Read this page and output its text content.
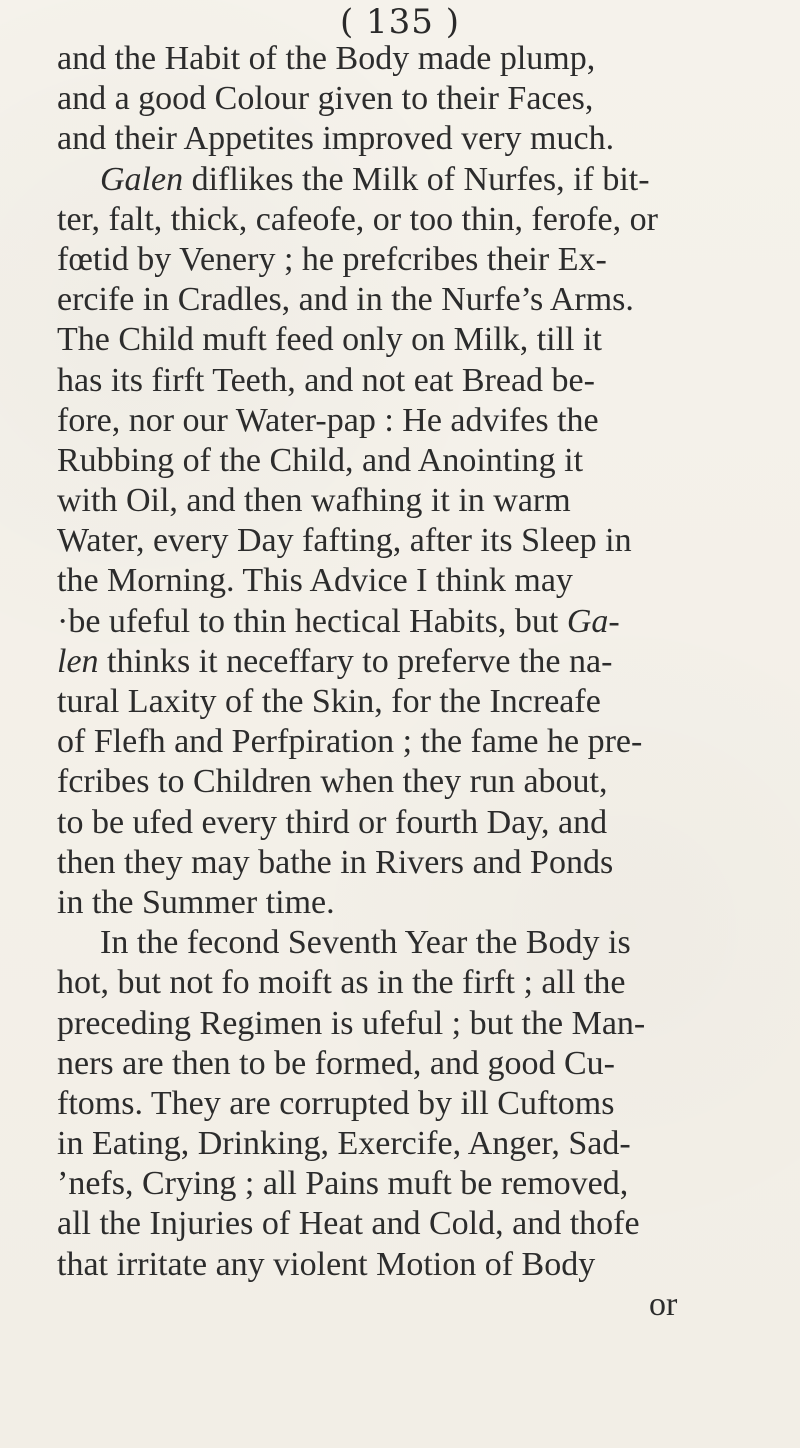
( 135 )
and the Habit of the Body made plump,
and a good Colour given to their Faces,
and their Appetites improved very much.
Galen diflikes the Milk of Nurfes, if bit-
ter, falt, thick, cafeofe, or too thin, ferofe, or
fœtid by Venery ; he prefcribes their Ex-
ercife in Cradles, and in the Nurfe’s Arms.
The Child muft feed only on Milk, till it
has its firft Teeth, and not eat Bread be-
fore, nor our Water-pap : He advifes the
Rubbing of the Child, and Anointing it
with Oil, and then wafhing it in warm
Water, every Day fafting, after its Sleep in
the Morning. This Advice I think may
·be ufeful to thin he‍ctical Habits, but Ga-
len thinks it neceffary to preferve the na-
tural Laxity of the Skin, for the Increafe
of Flefh and Perfpiration ; the fame he pre-
fcribes to Children when they run about,
to be ufed every third or fourth Day, and
then they may bathe in Rivers and Ponds
in the Summer time.
In the fecond Seventh Year the Body is
hot, but not fo moift as in the firft ; all the
preceding Regimen is ufeful ; but the Man-
ners are then to be formed, and good Cu-
ftoms. They are corrupted by ill Cuftoms
in Eating, Drinking, Exercife, Anger, Sad-
’nefs, Crying ; all Pains muft be removed,
all the Injuries of Heat and Cold, and thofe
that irritate any violent Motion of Body
or
